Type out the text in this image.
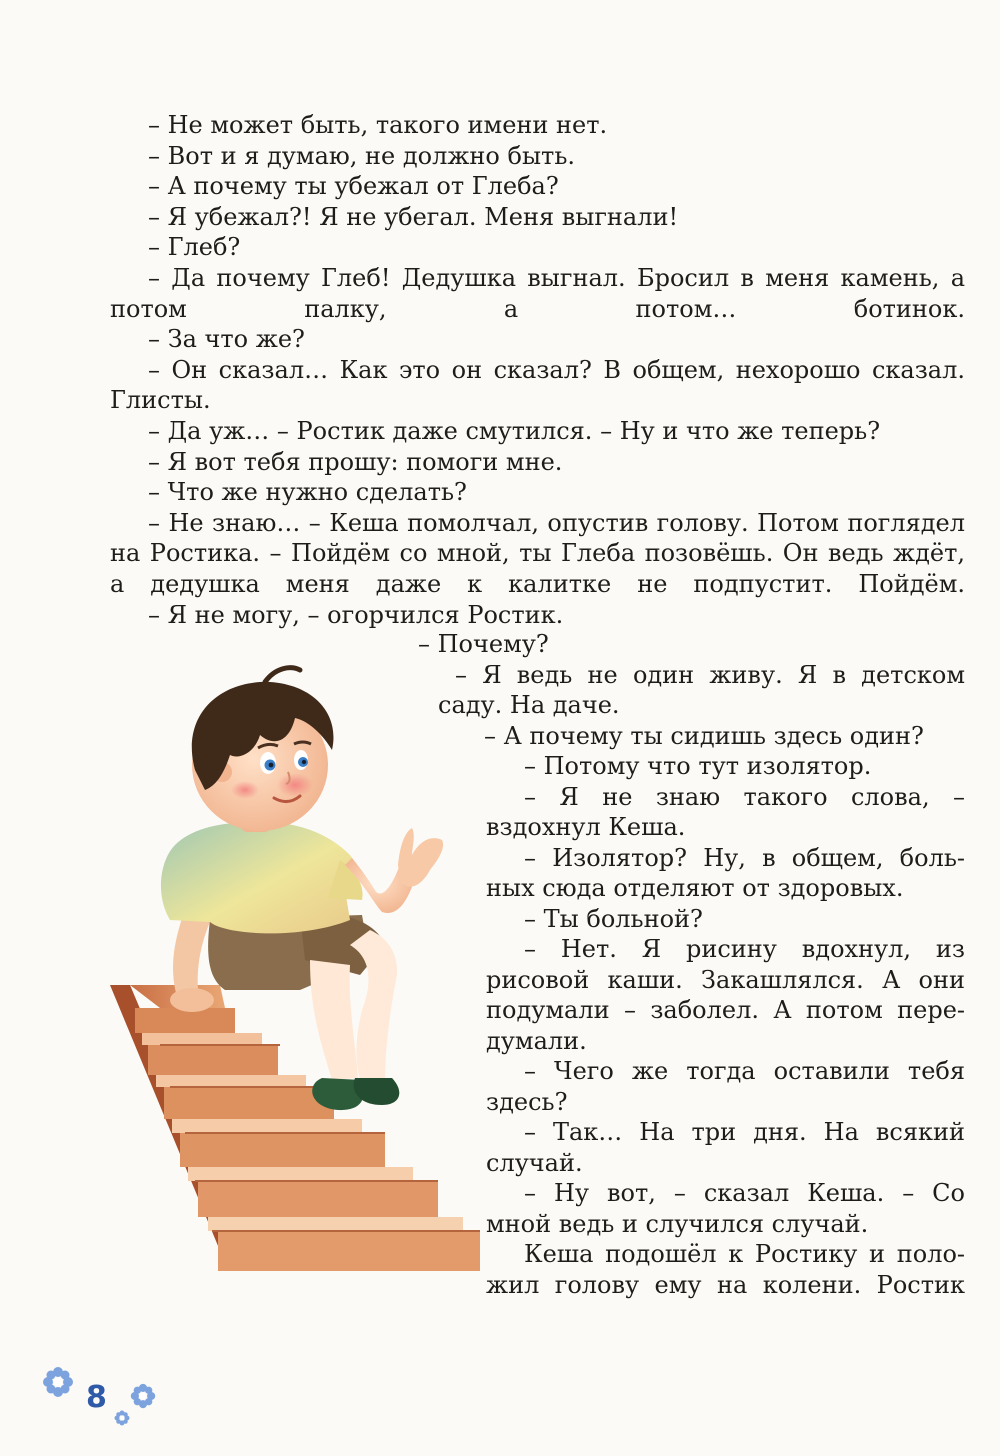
– Не может быть, такого имени нет.

– Вот и я думаю, не должно быть.

– А почему ты убежал от Глеба?

– Я убежал?! Я не убегал. Меня выгнали!

– Глеб?

– Да почему Глеб! Дедушка выгнал. Бросил в меня камень, а потом палку, а потом… ботинок.

– За что же?

– Он сказал… Как это он сказал? В общем, нехорошо сказал. Глисты.

– Да уж… – Ростик даже смутился. – Ну и что же теперь?

– Я вот тебя прошу: помоги мне.

– Что же нужно сделать?

– Не знаю… – Кеша помолчал, опустив голову. Потом поглядел на Ростика. – Пойдём со мной, ты Глеба позовёшь. Он ведь ждёт, а дедушка меня даже к калитке не подпустит. Пойдём.

– Я не могу, – огорчился Ростик.

– Почему?

– Я ведь не один живу. Я в детском

саду. На даче.

– А почему ты сидишь здесь один?

– Потому что тут изолятор.

– Я не знаю такого слова, –

вздохнул Кеша.

– Изолятор? Ну, в общем, боль-

ных сюда отделяют от здоровых.

– Ты больной?

– Нет. Я рисину вдохнул, из

рисовой каши. Закашлялся. А они

подумали – заболел. А потом пере-

думали.

– Чего же тогда оставили тебя

здесь?

– Так… На три дня. На всякий

случай.

– Ну вот, – сказал Кеша. – Со

мной ведь и случился случай.

Кеша подошёл к Ростику и поло-

жил голову ему на колени. Ростик

8
